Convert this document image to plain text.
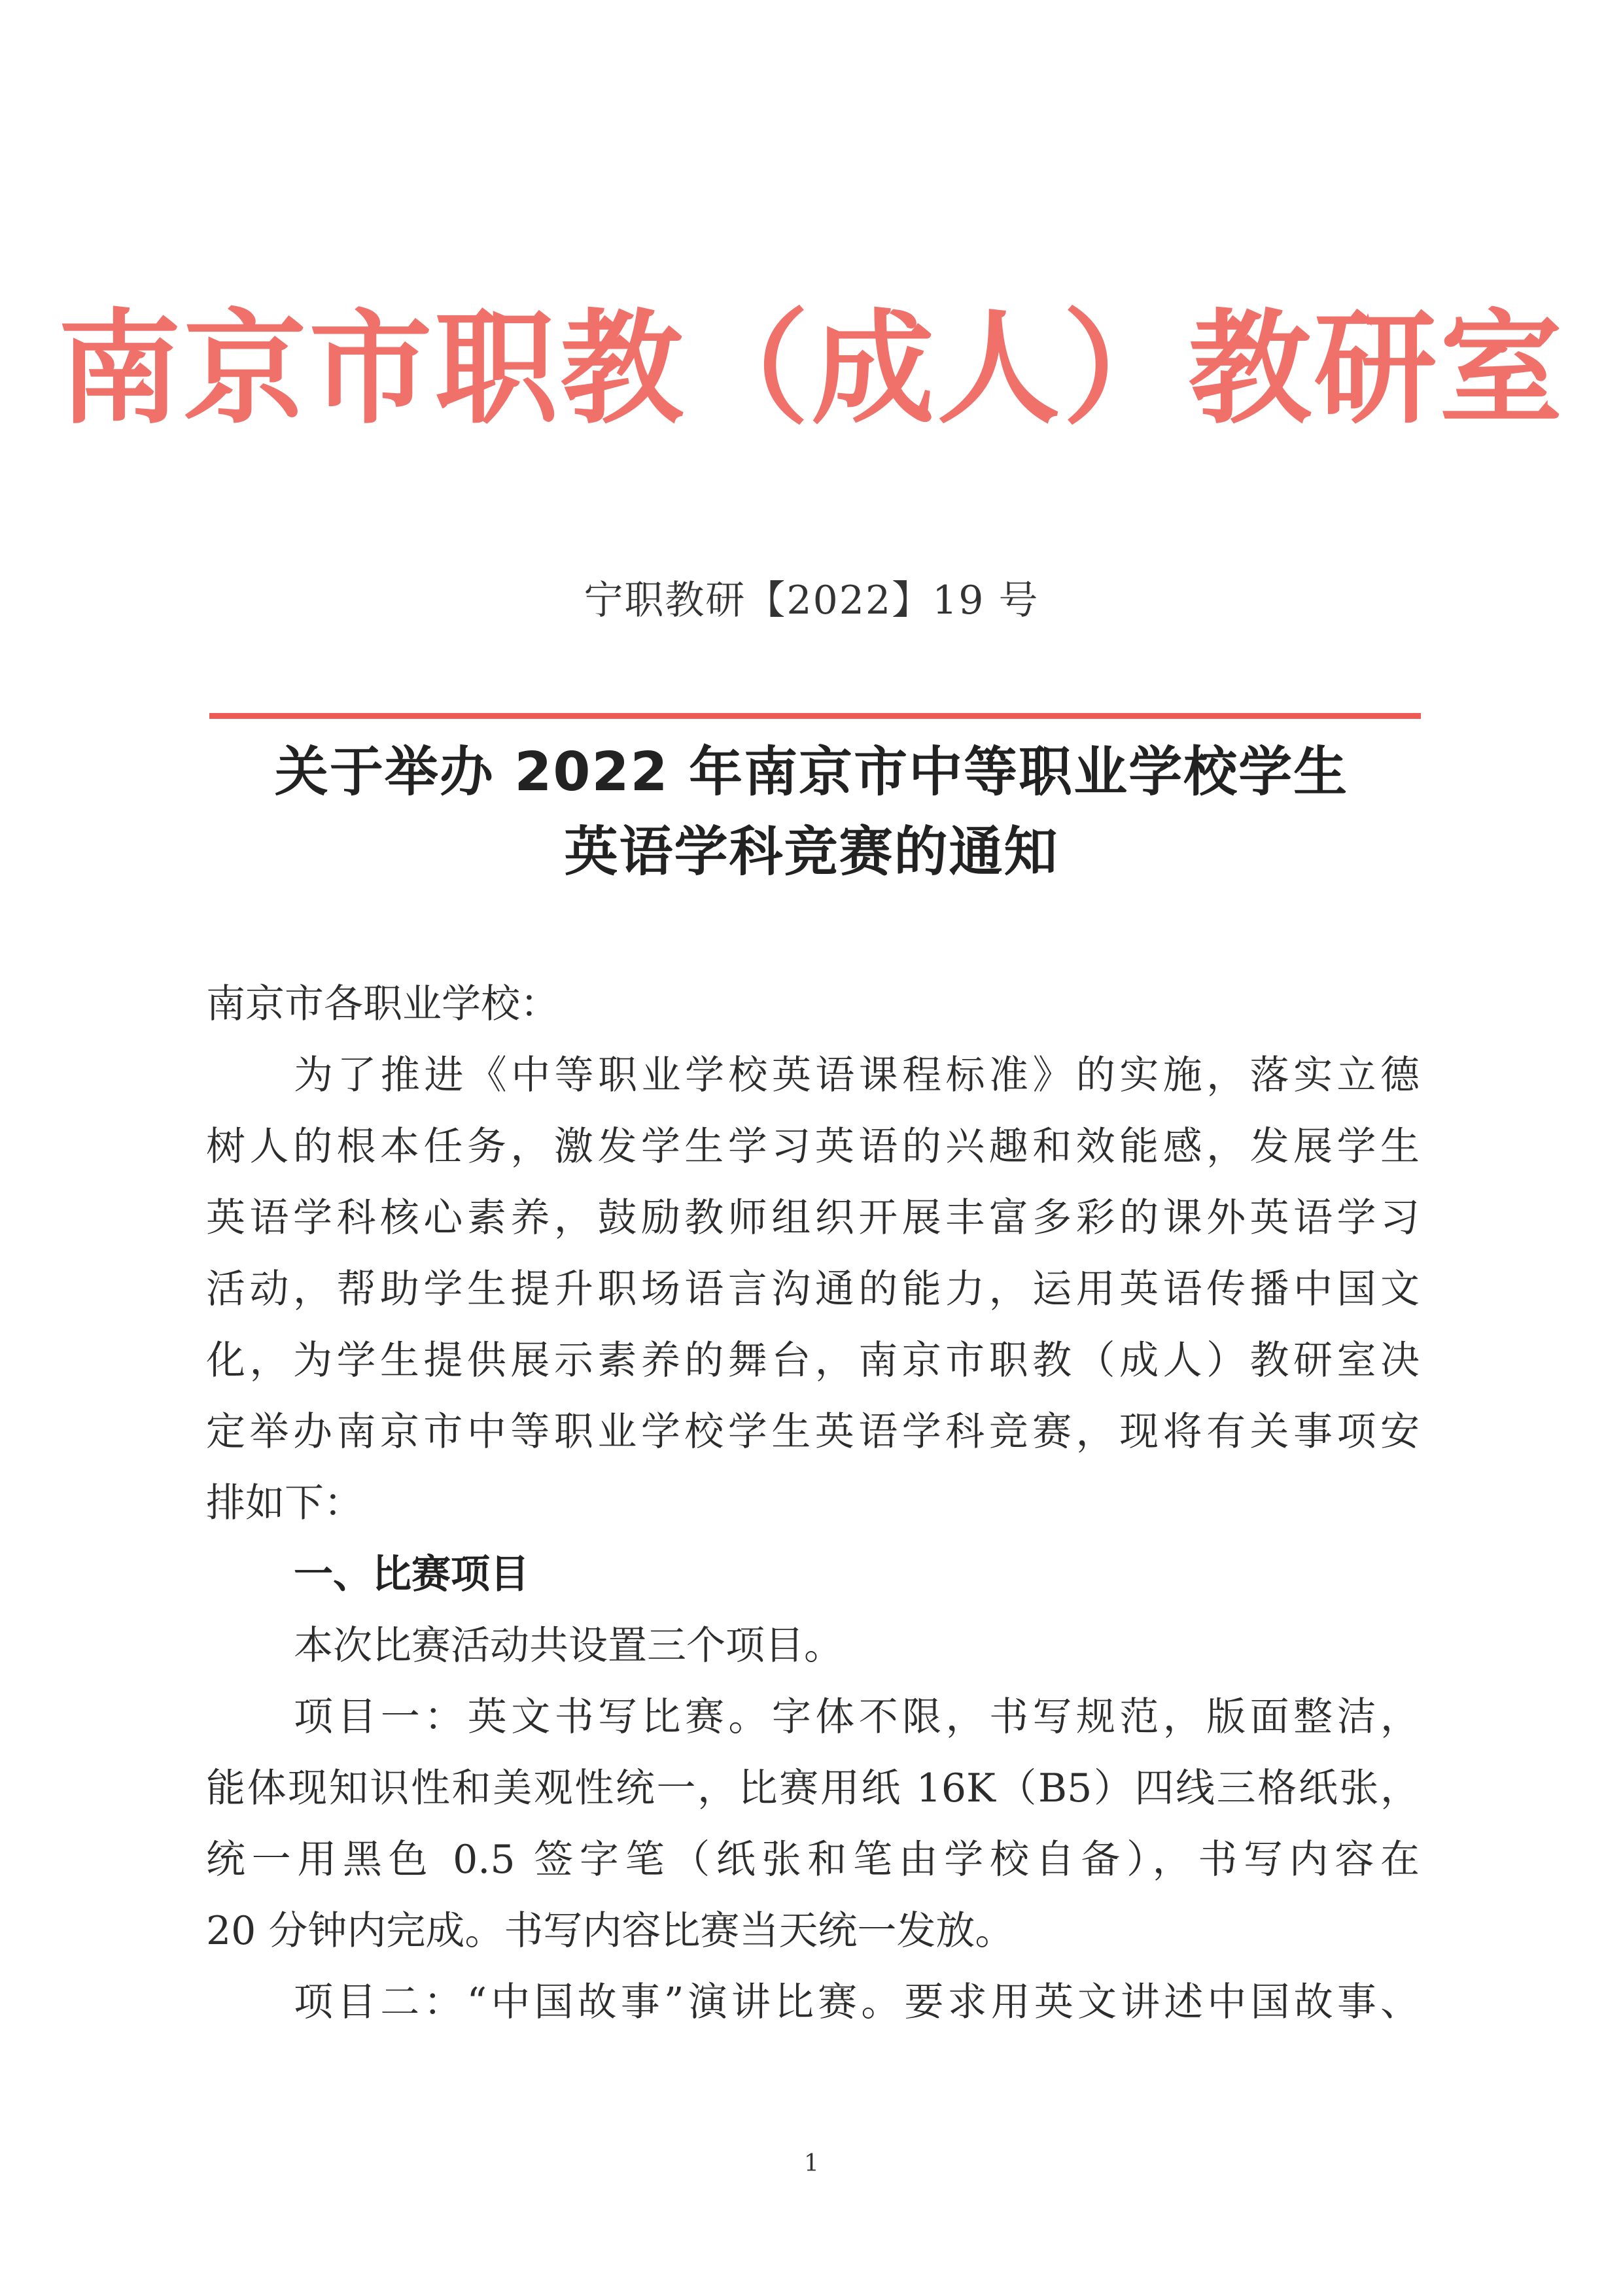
南京市职教（成人）教研室
宁职教研【2022】19 号
关于举办 2022 年南京市中等职业学校学生
英语学科竞赛的通知
南京市各职业学校：
为了推进《中等职业学校英语课程标准》的实施，落实立德
树人的根本任务，激发学生学习英语的兴趣和效能感，发展学生
英语学科核心素养，鼓励教师组织开展丰富多彩的课外英语学习
活动，帮助学生提升职场语言沟通的能力，运用英语传播中国文
化，为学生提供展示素养的舞台，南京市职教（成人）教研室决
定举办南京市中等职业学校学生英语学科竞赛，现将有关事项安
排如下：
一、比赛项目
本次比赛活动共设置三个项目。
项目一：英文书写比赛。字体不限，书写规范，版面整洁，
能体现知识性和美观性统一，比赛用纸 16K（B5）四线三格纸张，
统一用黑色 0.5 签字笔（纸张和笔由学校自备），书写内容在
20 分钟内完成。书写内容比赛当天统一发放。
项目二：“中国故事”演讲比赛。要求用英文讲述中国故事、
1
